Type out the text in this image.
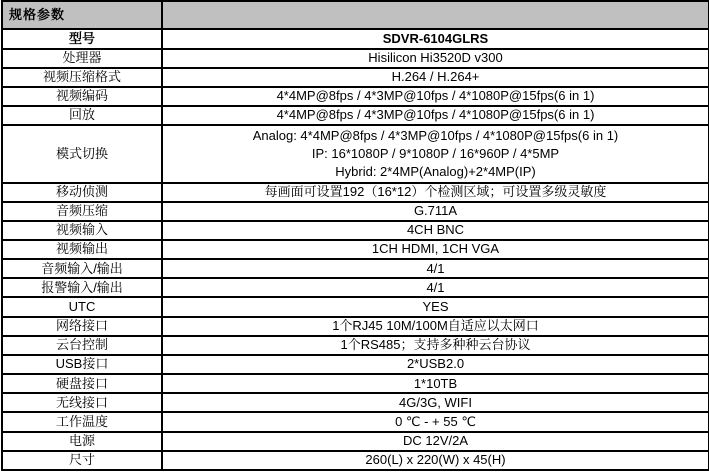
规格参数	
型号	SDVR-6104GLRS
处理器	Hisilicon Hi3520D v300
视频压缩格式	H.264 / H.264+
视频编码	4*4MP@8fps / 4*3MP@10fps / 4*1080P@15fps(6 in 1)
回放	4*4MP@8fps / 4*3MP@10fps / 4*1080P@15fps(6 in 1)
模式切换	Analog: 4*4MP@8fps / 4*3MP@10fps / 4*1080P@15fps(6 in 1)
IP: 16*1080P / 9*1080P / 16*960P / 4*5MP
Hybrid: 2*4MP(Analog)+2*4MP(IP)

移动侦测	每画面可设置192（16*12）个检测区域；可设置多级灵敏度
音频压缩	G.711A
视频输入	4CH BNC
视频输出	1CH HDMI, 1CH VGA
音频输入/输出	4/1
报警输入/输出	4/1
UTC	YES
网络接口	1个RJ45 10M/100M自适应以太网口
云台控制	1个RS485；支持多种种云台协议
USB接口	2*USB2.0
硬盘接口	1*10TB
无线接口	4G/3G, WIFI
工作温度	0 ℃ - + 55 ℃
电源	DC 12V/2A
尺寸	260(L) x 220(W) x 45(H)
